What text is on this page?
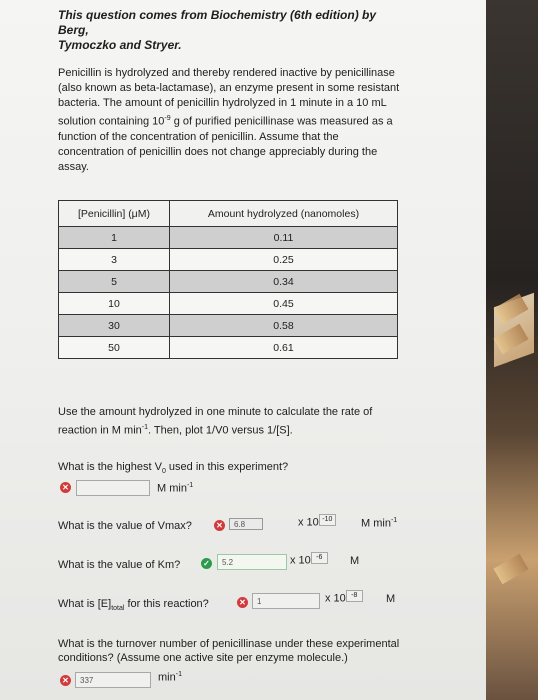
This question comes from Biochemistry (6th edition) by Berg,
Tymoczko and Stryer.
Penicillin is hydrolyzed and thereby rendered inactive by penicillinase
(also known as beta-lactamase), an enzyme present in some resistant
bacteria. The amount of penicillin hydrolyzed in 1 minute in a 10 mL
solution containing $10^{-9}$ g of purified penicillinase was measured as a
function of the concentration of penicillin. Assume that the
concentration of penicillin does not change appreciably during the
assay.
[Penicillin] (μM)	Amount hydrolyzed (nanomoles)
1	0.11
3	0.25
5	0.34
10	0.45
30	0.58
50	0.61
Use the amount hydrolyzed in one minute to calculate the rate of
reaction in M $\min^{-1}$. Then, plot 1/V0 versus 1/[S].
What is the highest $V_0$ used in this experiment?
✕	M $\min^{-1}$
What is the value of Vmax?	✕	6.8	x 10 -10	M $\min^{-1}$
What is the value of Km?	✓	5.2	x 10 -6	M
What is $[E]_{total}$ for this reaction?	✕	1	x 10 -8	M
What is the turnover number of penicillinase under these experimental
conditions? (Assume one active site per enzyme molecule.)
✕	337	$\min^{-1}$
